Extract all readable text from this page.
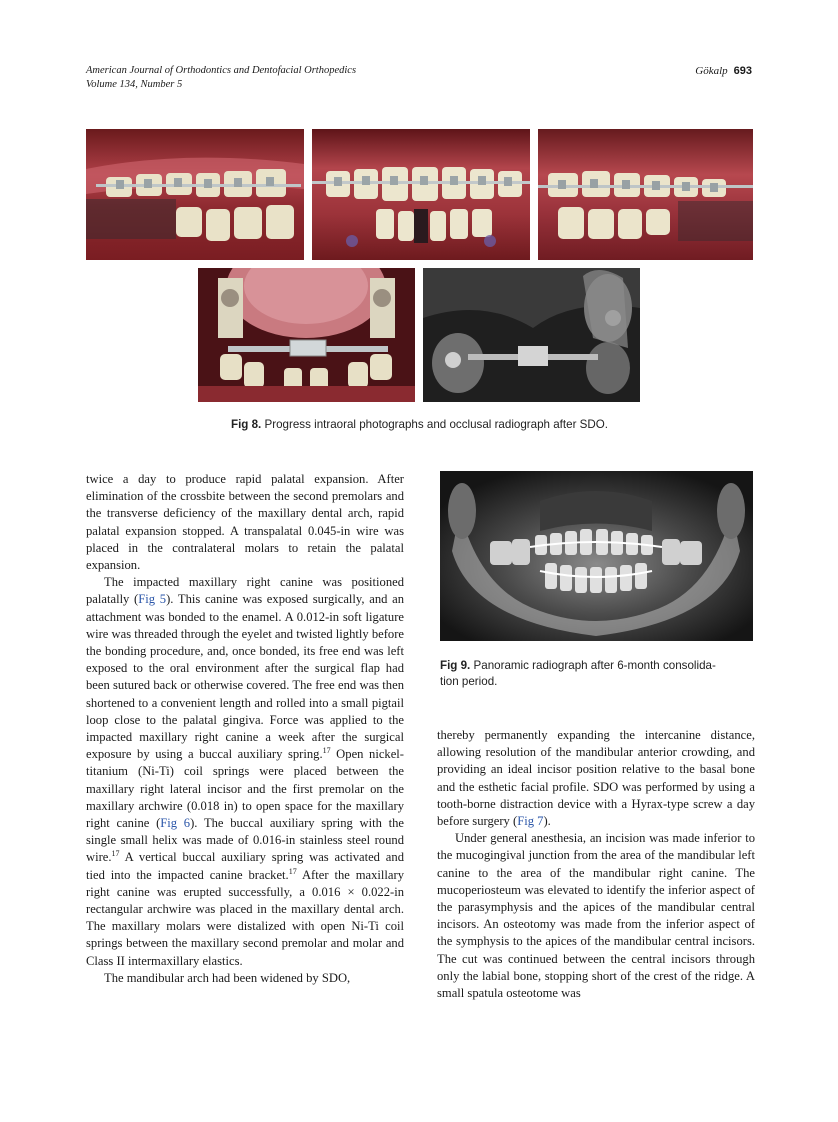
American Journal of Orthodontics and Dentofacial Orthopedics
Volume 134, Number 5
Gökalp 693
Fig 8. Progress intraoral photographs and occlusal radiograph after SDO.
Fig 9. Panoramic radiograph after 6-month consolida-
tion period.

twice a day to produce rapid palatal expansion. After elimination of the crossbite between the second premolars and the transverse deficiency of the maxillary dental arch, rapid palatal expansion stopped. A transpalatal 0.045-in wire was placed in the contralateral molars to retain the palatal expansion.

The impacted maxillary right canine was positioned palatally (Fig 5). This canine was exposed surgically, and an attachment was bonded to the enamel. A 0.012-in soft ligature wire was threaded through the eyelet and twisted lightly before the bonding procedure, and, once bonded, its free end was left exposed to the oral environment after the surgical flap had been sutured back or otherwise covered. The free end was then shortened to a convenient length and rolled into a small pigtail loop close to the palatal gingiva. Force was applied to the impacted maxillary right canine a week after the surgical exposure by using a buccal auxiliary spring.$^{17}$ Open nickel-titanium (Ni-Ti) coil springs were placed between the maxillary right lateral incisor and the first premolar on the maxillary archwire (0.018 in) to open space for the maxillary right canine (Fig 6). The buccal auxiliary spring with the single small helix was made of 0.016-in stainless steel round wire.$^{17}$ A vertical buccal auxiliary spring was activated and tied into the impacted canine bracket.$^{17}$ After the maxillary right canine was erupted successfully, a 0.016 × 0.022-in rectangular archwire was placed in the maxillary dental arch. The maxillary molars were distalized with open Ni-Ti coil springs between the maxillary second premolar and molar and Class II intermaxillary elastics.

The mandibular arch had been widened by SDO,

thereby permanently expanding the intercanine distance, allowing resolution of the mandibular anterior crowding, and providing an ideal incisor position relative to the basal bone and the esthetic facial profile. SDO was performed by using a tooth-borne distraction device with a Hyrax-type screw a day before surgery (Fig 7).

Under general anesthesia, an incision was made inferior to the mucogingival junction from the area of the mandibular left canine to the area of the mandibular right canine. The mucoperiosteum was elevated to identify the inferior aspect of the parasymphysis and the apices of the mandibular central incisors. An osteotomy was made from the inferior aspect of the symphysis to the apices of the mandibular central incisors. The cut was continued between the central incisors through only the labial bone, stopping short of the crest of the ridge. A small spatula osteotome was
